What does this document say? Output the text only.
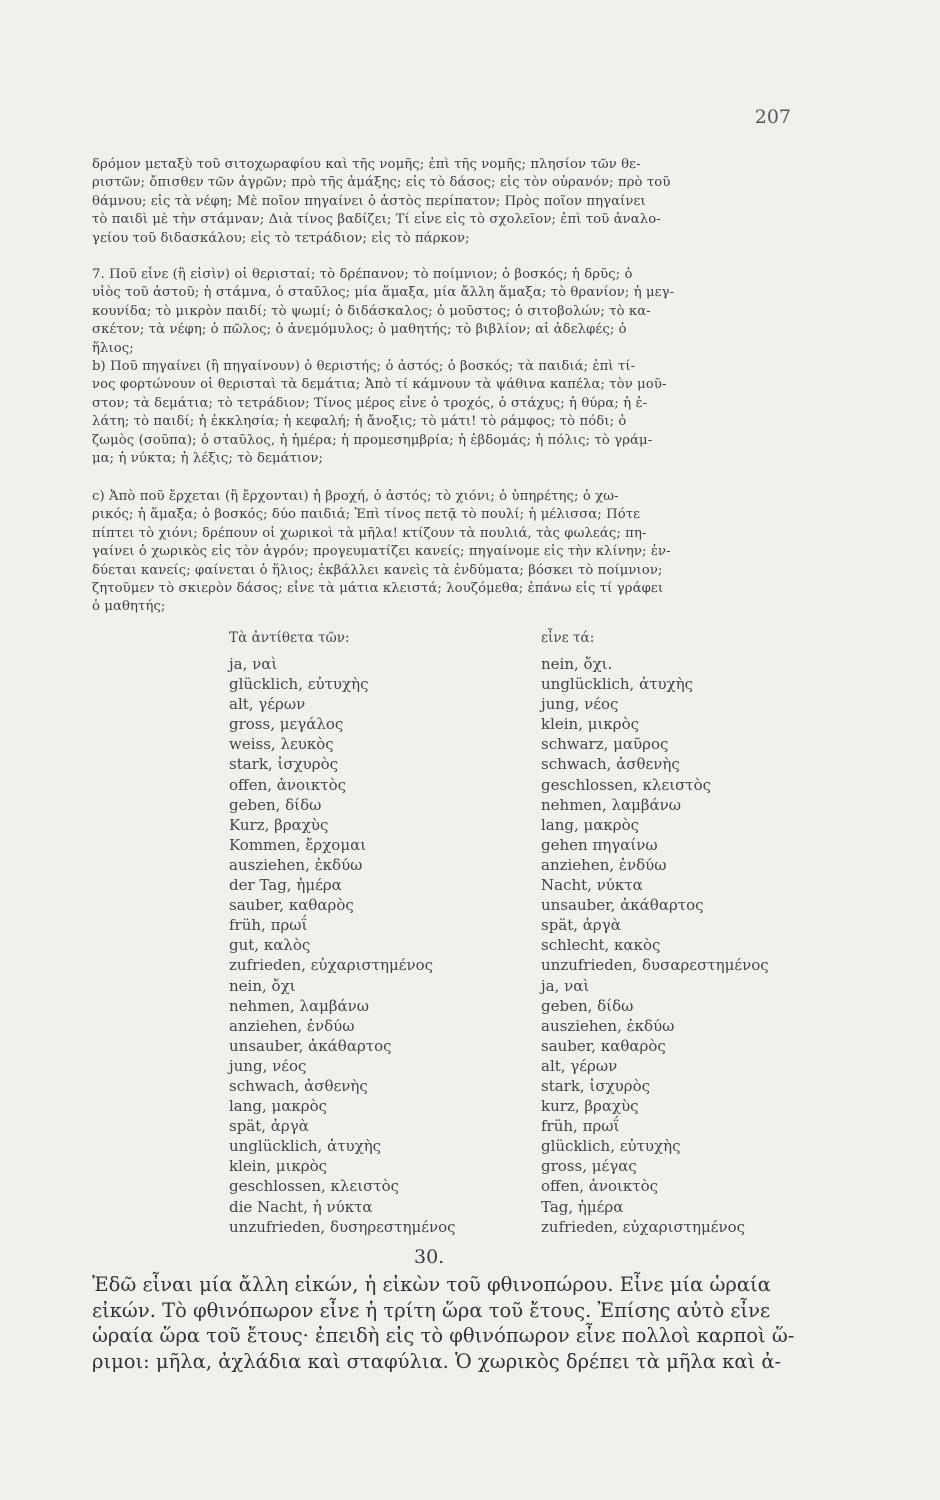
207
δρόμον μεταξὺ τοῦ σιτοχωραφίου καὶ τῆς νομῆς; ἐπὶ τῆς νομῆς; πλησίον τῶν θε-
ριστῶν; ὄπισθεν τῶν ἀγρῶν; πρὸ τῆς ἁμάξης; εἰς τὸ δάσος; εἰς τὸν οὐρανόν; πρὸ τοῦ
θάμνου; εἰς τὰ νέφη; Μὲ ποῖον πηγαίνει ὁ ἀστὸς περίπατον; Πρὸς ποῖον πηγαίνει
τὸ παιδὶ μὲ τὴν στάμναν; Διὰ τίνος βαδίζει; Τί εἶνε εἰς τὸ σχολεῖον; ἐπὶ τοῦ ἀναλο-
γείου τοῦ διδασκάλου; εἰς τὸ τετράδιον; εἰς τὸ πάρκον;
7. Ποῦ εἶνε (ἢ εἰσὶν) οἱ θερισταί; τὸ δρέπανον; τὸ ποίμνιον; ὁ βοσκός; ἡ δρῦς; ὁ
υἱὸς τοῦ ἀστοῦ; ἡ στάμνα, ὁ σταῦλος; μία ἅμαξα, μία ἄλλη ἅμαξα; τὸ θρανίον; ἡ μεγ-
κουνίδα; τὸ μικρὸν παιδί; τὸ ψωμί; ὁ διδάσκαλος; ὁ μοῦστος; ὁ σιτοβολών; τὸ κα-
σκέτον; τὰ νέφη; ὁ πῶλος; ὁ ἀνεμόμυλος; ὁ μαθητής; τὸ βιβλίον; αἱ ἀδελφές; ὁ
ἥλιος;
b) Ποῦ πηγαίνει (ἢ πηγαίνουν) ὁ θεριστής; ὁ ἀστός; ὁ βοσκός; τὰ παιδιά; ἐπὶ τί-
νος φορτώνουν οἱ θερισταὶ τὰ δεμάτια; Ἀπὸ τί κάμνουν τὰ ψάθινα καπέλα; τὸν μοῦ-
στον; τὰ δεμάτια; τὸ τετράδιον; Τίνος μέρος εἶνε ὁ τροχός, ὁ στάχυς; ἡ θύρα; ἡ ἐ-
λάτη; τὸ παιδί; ἡ ἐκκλησία; ἡ κεφαλή; ἡ ἄνοξις; τὸ μάτι! τὸ ράμφος; τὸ πόδι; ὁ
ζωμὸς (σοῦπα); ὁ σταῦλος, ἡ ἡμέρα; ἡ προμεσημβρία; ἡ ἑβδομάς; ἡ πόλις; τὸ γράμ-
μα; ἡ νύκτα; ἡ λέξις; τὸ δεμάτιον;
c) Ἀπὸ ποῦ ἔρχεται (ἢ ἔρχονται) ἡ βροχή, ὁ ἀστός; τὸ χιόνι; ὁ ὑπηρέτης; ὁ χω-
ρικός; ἡ ἅμαξα; ὁ βοσκός; δύο παιδιά; Ἐπὶ τίνος πετᾷ τὸ πουλί; ἡ μέλισσα; Πότε
πίπτει τὸ χιόνι; δρέπουν οἱ χωρικοὶ τὰ μῆλα! κτίζουν τὰ πουλιά, τὰς φωλεάς; πη-
γαίνει ὁ χωρικὸς εἰς τὸν ἀγρόν; προγευματίζει κανείς; πηγαίνομε εἰς τὴν κλίνην; ἐν-
δύεται κανείς; φαίνεται ὁ ἥλιος; ἐκβάλλει κανεὶς τὰ ἐνδύματα; βόσκει τὸ ποίμνιον;
ζητοῦμεν τὸ σκιερὸν δάσος; εἶνε τὰ μάτια κλειστά; λουζόμεθα; ἐπάνω εἰς τί γράφει
ὁ μαθητής;
Τὰ ἀντίθετα τῶν:	εἶνε τά:
ja, ναὶ
glücklich, εὐτυχὴς
alt, γέρων
gross, μεγάλος
weiss, λευκὸς
stark, ἰσχυρὸς
offen, ἀνοικτὸς
geben, δίδω
Kurz, βραχὺς
Kommen, ἔρχομαι
ausziehen, ἐκδύω
der Tag, ἡμέρα
sauber, καθαρὸς
früh, πρωΐ
gut, καλὸς
zufrieden, εὐχαριστημένος
nein, ὄχι
nehmen, λαμβάνω
anziehen, ἐνδύω
unsauber, ἀκάθαρτος
jung, νέος
schwach, ἀσθενὴς
lang, μακρὸς
spät, ἀργὰ
unglücklich, ἀτυχὴς
klein, μικρὸς
geschlossen, κλειστὸς
die Nacht, ἡ νύκτα
unzufrieden, δυσηρεστημένος
nein, ὄχι.
unglücklich, ἀτυχὴς
jung, νέος
klein, μικρὸς
schwarz, μαῦρος
schwach, ἀσθενὴς
geschlossen, κλειστὸς
nehmen, λαμβάνω
lang, μακρὸς
gehen πηγαίνω
anziehen, ἐνδύω
Nacht, νύκτα
unsauber, ἀκάθαρτος
spät, ἀργὰ
schlecht, κακὸς
unzufrieden, δυσαρεστημένος
ja, ναὶ
geben, δίδω
ausziehen, ἐκδύω
sauber, καθαρὸς
alt, γέρων
stark, ἰσχυρὸς
kurz, βραχὺς
früh, πρωΐ
glücklich, εὐτυχὴς
gross, μέγας
offen, ἀνοικτὸς
Tag, ἡμέρα
zufrieden, εὐχαριστημένος
30.
Ἐδῶ εἶναι μία ἄλλη εἰκών, ἡ εἰκὼν τοῦ φθινοπώρου. Εἶνε μία ὡραία
εἰκών. Τὸ φθινόπωρον εἶνε ἡ τρίτη ὥρα τοῦ ἔτους. Ἐπίσης αὐτὸ εἶνε
ὡραία ὥρα τοῦ ἔτους· ἐπειδὴ εἰς τὸ φθινόπωρον εἶνε πολλοὶ καρποὶ ὥ-
ριμοι: μῆλα, ἀχλάδια καὶ σταφύλια. Ὁ χωρικὸς δρέπει τὰ μῆλα καὶ ἀ-
